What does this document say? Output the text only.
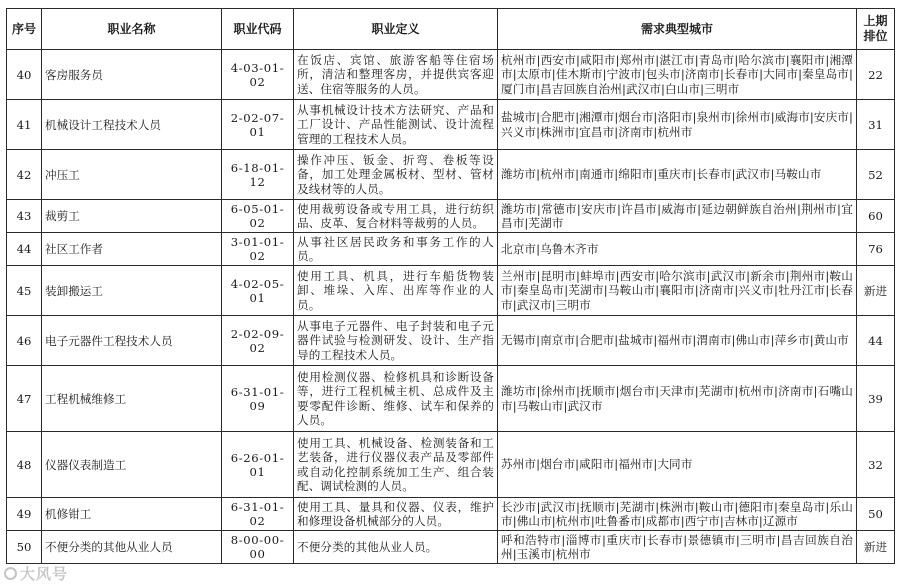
序号	职业名称	职业代码	职业定义	需求典型城市	上期排位
40	客房服务员	4-03-01-02	在饭店、宾馆、旅游客船等住宿场所，清洁和整理客房，并提供宾客迎送、住宿等服务的人员。	杭州市|西安市|咸阳市|郑州市|湛江市|青岛市|哈尔滨市|襄阳市|湘潭市|太原市|佳木斯市|宁波市|包头市|济南市|长春市|大同市|秦皇岛市|厦门市|昌吉回族自治州|武汉市|白山市|三明市	22
41	机械设计工程技术人员	2-02-07-01	从事机械设计技术方法研究、产品和工厂设计、产品性能测试、设计流程管理的工程技术人员。	盐城市|合肥市|湘潭市|烟台市|洛阳市|泉州市|徐州市|威海市|安庆市|兴义市|株洲市|宜昌市|济南市|杭州市	31
42	冲压工	6-18-01-12	操作冲压、钣金、折弯、卷板等设备，加工处理金属板材、型材、管材及线材等的人员。	潍坊市|杭州市|南通市|绵阳市|重庆市|长春市|武汉市|马鞍山市	52
43	裁剪工	6-05-01-02	使用裁剪设备或专用工具，进行纺织品、皮革、复合材料等裁剪的人员。	潍坊市|常德市|安庆市|许昌市|威海市|延边朝鲜族自治州|荆州市|宜昌市|芜湖市	60
44	社区工作者	3-01-01-02	从事社区居民政务和事务工作的人员。	北京市|乌鲁木齐市	76
45	装卸搬运工	4-02-05-01	使用工具、机具，进行车船货物装卸、堆垛、入库、出库等作业的人员。	兰州市|昆明市|蚌埠市|西安市|哈尔滨市|武汉市|新余市|荆州市|鞍山市|秦皇岛市|芜湖市|马鞍山市|襄阳市|济南市|兴义市|牡丹江市|长春市|武汉市|三明市	新进
46	电子元器件工程技术人员	2-02-09-02	从事电子元器件、电子封装和电子元器件试验与检测研发、设计、生产指导的工程技术人员。	无锡市|南京市|合肥市|盐城市|福州市|渭南市|佛山市|萍乡市|黄山市	44
47	工程机械维修工	6-31-01-09	使用检测仪器、检修机具和诊断设备等，进行工程机械主机、总成件及主要零配件诊断、维修、试车和保养的人员。	潍坊市|徐州市|抚顺市|烟台市|天津市|芜湖市|杭州市|济南市|石嘴山市|马鞍山市|武汉市	39
48	仪器仪表制造工	6-26-01-01	使用工具、机械设备、检测装备和工艺装备，进行仪器仪表产品及零部件或自动化控制系统加工生产、组合装配、调试检测的人员。	苏州市|烟台市|咸阳市|福州市|大同市	32
49	机修钳工	6-31-01-02	使用工具、量具和仪器、仪表，维护和修理设备机械部分的人员。	长沙市|武汉市|抚顺市|芜湖市|株洲市|鞍山市|德阳市|秦皇岛市|乐山市|佛山市|杭州市|吐鲁番市|成都市|西宁市|吉林市|辽源市	50
50	不便分类的其他从业人员	8-00-00-00	不便分类的其他从业人员。	呼和浩特市|淄博市|重庆市|长春市|景德镇市|三明市|昌吉回族自治州|玉溪市|杭州市	新进
大风号
